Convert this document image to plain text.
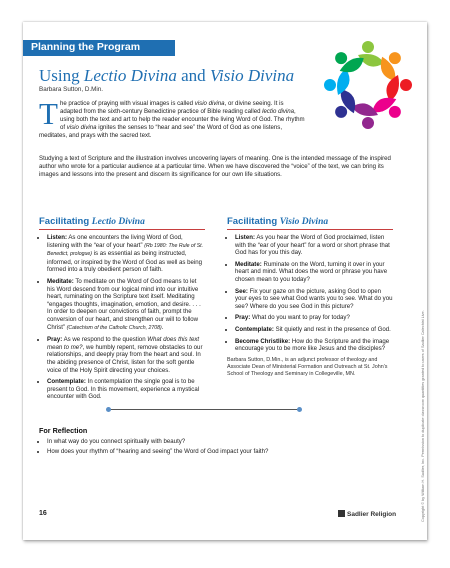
Planning the Program
Using Lectio Divina and Visio Divina
Barbara Sutton, D.Min.
The practice of praying with visual images is called visio divina, or divine seeing. It is adapted from the sixth-century Benedictine practice of Bible reading called lectio divina, using both the text and art to help the reader encounter the living Word of God. The rhythm of visio divina ignites the senses to “hear and see” the Word of God as one listens, meditates, and prays with the sacred text.
Studying a text of Scripture and the illustration involves uncovering layers of meaning. One is the intended message of the inspired author who wrote for a particular audience at a particular time. When we have discovered the “voice” of the text, we can bring its images and lessons into the present and discern its significance for our own life situations.
Facilitating Lectio Divina
• Listen: As one encounters the living Word of God, listening with the “ear of your heart” (Rb 1980: The Rule of St. Benedict, prologue) is as essential as being instructed, informed, or inspired by the Word of God as well as being formed into a truly obedient person of faith.
• Meditate: To meditate on the Word of God means to let his Word descend from our logical mind into our intuitive heart, ruminating on the Scripture text itself. Meditating “engages thoughts, imagination, emotion, and desire. . . . In order to deepen our convictions of faith, prompt the conversion of our heart, and strengthen our will to follow Christ” (Catechism of the Catholic Church, 2708).
• Pray: As we respond to the question What does this text mean to me?, we humbly repent, remove obstacles to our relationships, and deeply pray from the heart and soul. In the abiding presence of Christ, listen for the soft gentle voice of the Holy Spirit directing your choices.
• Contemplate: In contemplation the single goal is to be present to God. In this movement, experience a mystical encounter with God.
Facilitating Visio Divina
• Listen: As you hear the Word of God proclaimed, listen with the “ear of your heart” for a word or short phrase that God has for you this day.
• Meditate: Ruminate on the Word, turning it over in your heart and mind. What does the word or phrase you have chosen mean to you today?
• See: Fix your gaze on the picture, asking God to open your eyes to see what God wants you to see. What do you see? Where do you see God in this picture?
• Pray: What do you want to pray for today?
• Contemplate: Sit quietly and rest in the presence of God.
• Become Christlike: How do the Scripture and the image encourage you to be more like Jesus and the disciples?
Barbara Sutton, D.Min., is an adjunct professor of theology and Associate Dean of Ministerial Formation and Outreach at St. John’s School of Theology and Seminary in Collegeville, MN.
For Reflection
• In what way do you connect spiritually with beauty?
• How does your rhythm of “hearing and seeing” the Word of God impact your faith?
16	Sadlier Religion	Copyright © by William H. Sadlier, Inc. Permission to duplicate classroom quantities granted to users of Sadlier Catechist Live.
